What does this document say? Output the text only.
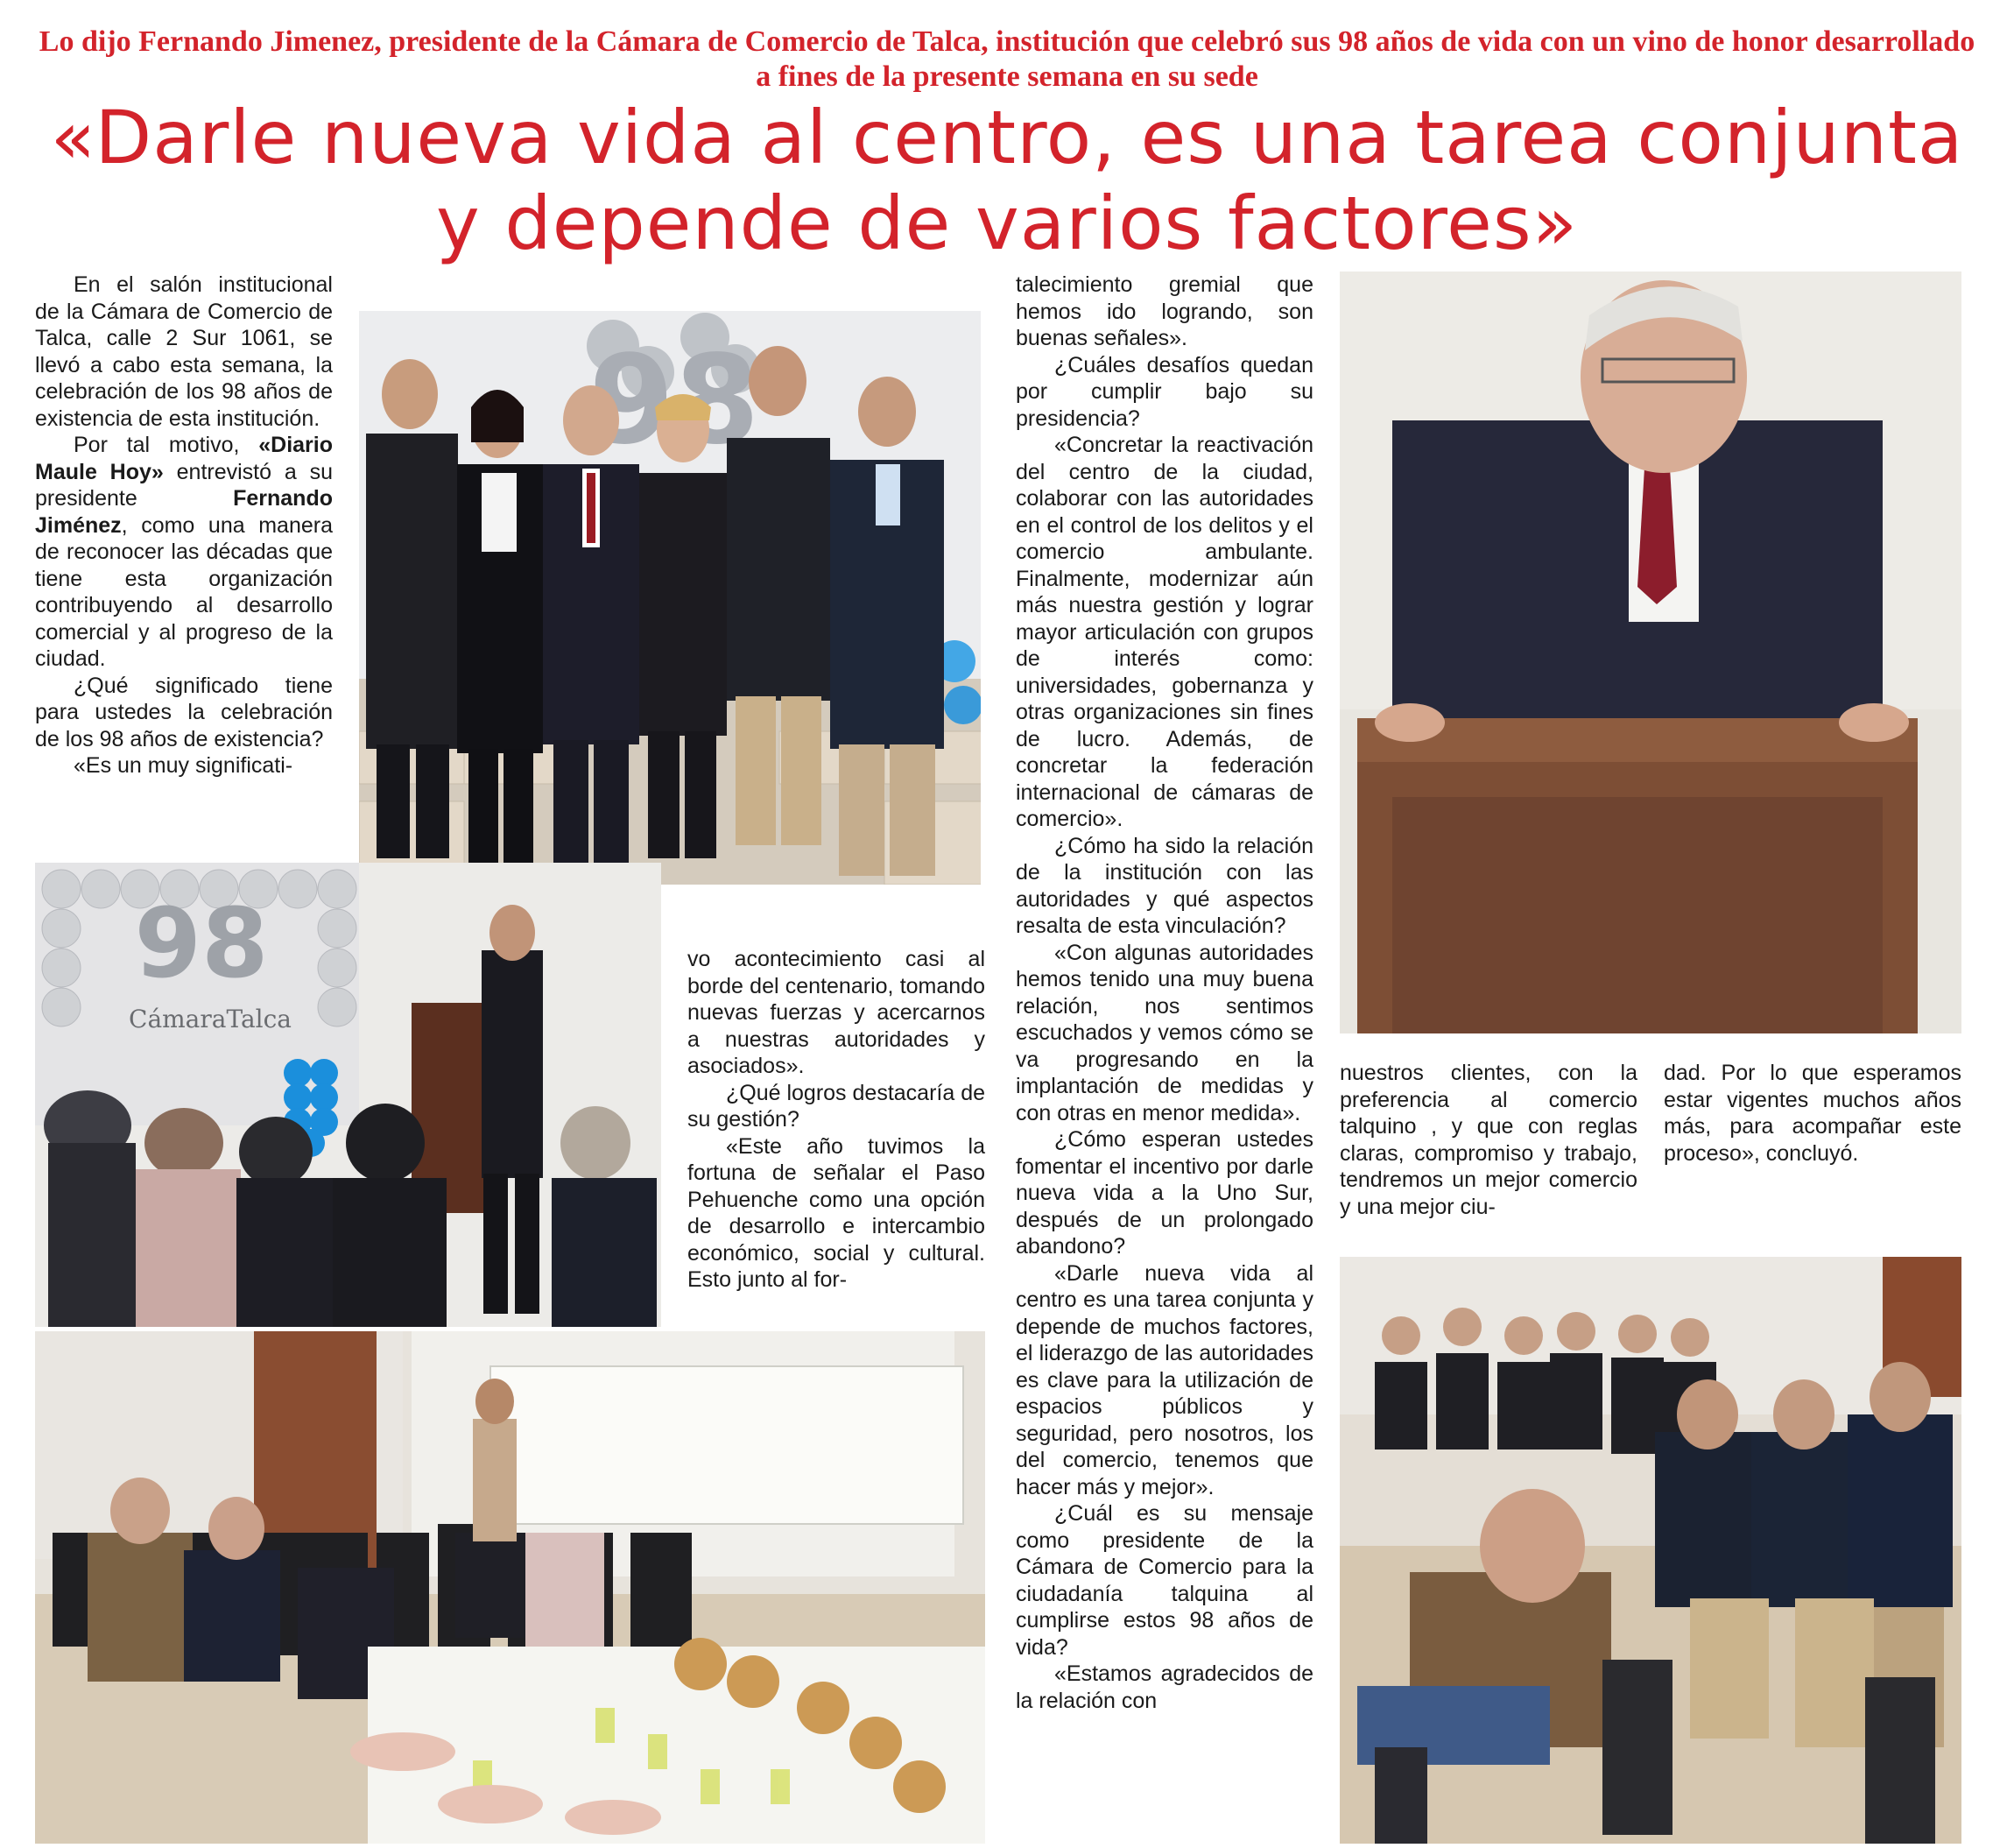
Lo dijo Fernando Jimenez, presidente de la Cámara de Comercio de Talca, institución que celebró sus 98 años de vida con un vino de honor desarrollado a fines de la presente semana en su sede
«Darle nueva vida al centro, es una tarea conjunta
y depende de varios factores»

En el salón institucional de la Cámara de Comercio de Talca, calle 2 Sur 1061, se llevó a cabo esta semana, la celebración de los 98 años de existencia de esta institución.

Por tal motivo, «Diario Maule Hoy» entrevistó a su presidente Fernando Jiménez, como una manera de reconocer las décadas que tiene esta organización contribuyendo al desarrollo comercial y al progreso de la ciudad.

¿Qué significado tiene para ustedes la celebración de los 98 años de existencia?

«Es un muy significati-

vo acontecimiento casi al borde del centenario, tomando nuevas fuerzas y acercarnos a nuestras autoridades y asociados».

¿Qué logros destacaría de su gestión?

«Este año tuvimos la fortuna de señalar el Paso Pehuenche como una opción de desarrollo e intercambio económico, social y cultural. Esto junto al for-

talecimiento gremial que hemos ido logrando, son buenas señales».

¿Cuáles desafíos quedan por cumplir bajo su presidencia?

«Concretar la reactivación del centro de la ciudad, colaborar con las autoridades en el control de los delitos y el comercio ambulante. Finalmente, modernizar aún más nuestra gestión y lograr mayor articulación con grupos de interés como: universidades, gobernanza y otras organizaciones sin fines de lucro. Además, de concretar la federación internacional de cámaras de comercio».

¿Cómo ha sido la relación de la institución con las autoridades y qué aspectos resalta de esta vinculación?

«Con algunas autoridades hemos tenido una muy buena relación, nos sentimos escuchados y vemos cómo se va progresando en la implantación de medidas y con otras en menor medida».

¿Cómo esperan ustedes fomentar el incentivo por darle nueva vida a la Uno Sur, después de un prolongado abandono?

«Darle nueva vida al centro es una tarea conjunta y depende de muchos factores, el liderazgo de las autoridades es clave para la utilización de espacios públicos y seguridad, pero nosotros, los del comercio, tenemos que hacer más y mejor».

¿Cuál es su mensaje como presidente de la Cámara de Comercio para la ciudadanía talquina al cumplirse estos 98 años de vida?

«Estamos agradecidos de la relación con

nuestros clientes, con la preferencia al comercio talquino , y que con reglas claras, compromiso y trabajo, tendremos un mejor comercio y una mejor ciu-

dad. Por lo que esperamos estar vigentes muchos años más, para acompañar este proceso», concluyó.

98
CámaraTalca
